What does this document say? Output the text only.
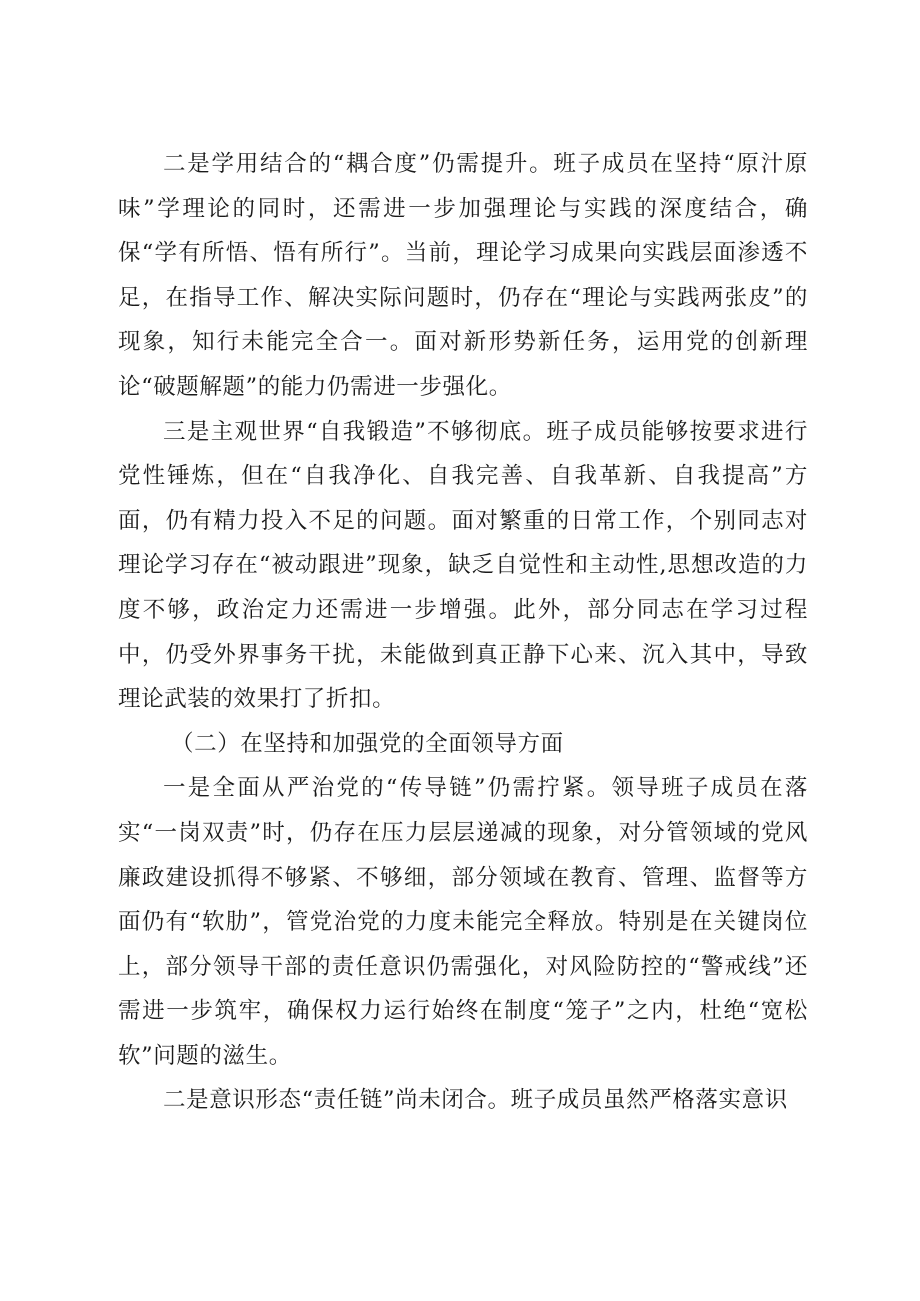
二是学用结合的“耦合度”仍需提升。班子成员在坚持“原汁原味”学理论的同时，还需进一步加强理论与实践的深度结合，确保“学有所悟、悟有所行”。当前，理论学习成果向实践层面渗透不足，在指导工作、解决实际问题时，仍存在“理论与实践两张皮”的现象，知行未能完全合一。面对新形势新任务，运用党的创新理论“破题解题”的能力仍需进一步强化。

三是主观世界“自我锻造”不够彻底。班子成员能够按要求进行党性锤炼，但在“自我净化、自我完善、自我革新、自我提高”方面，仍有精力投入不足的问题。面对繁重的日常工作，个别同志对理论学习存在“被动跟进”现象，缺乏自觉性和主动性,思想改造的力度不够，政治定力还需进一步增强。此外，部分同志在学习过程中，仍受外界事务干扰，未能做到真正静下心来、沉入其中，导致理论武装的效果打了折扣。

（二）在坚持和加强党的全面领导方面

一是全面从严治党的“传导链”仍需拧紧。领导班子成员在落实“一岗双责”时，仍存在压力层层递减的现象，对分管领域的党风廉政建设抓得不够紧、不够细，部分领域在教育、管理、监督等方面仍有“软肋”，管党治党的力度未能完全释放。特别是在关键岗位上，部分领导干部的责任意识仍需强化，对风险防控的“警戒线”还需进一步筑牢，确保权力运行始终在制度“笼子”之内，杜绝“宽松软”问题的滋生。

二是意识形态“责任链”尚未闭合。班子成员虽然严格落实意识
